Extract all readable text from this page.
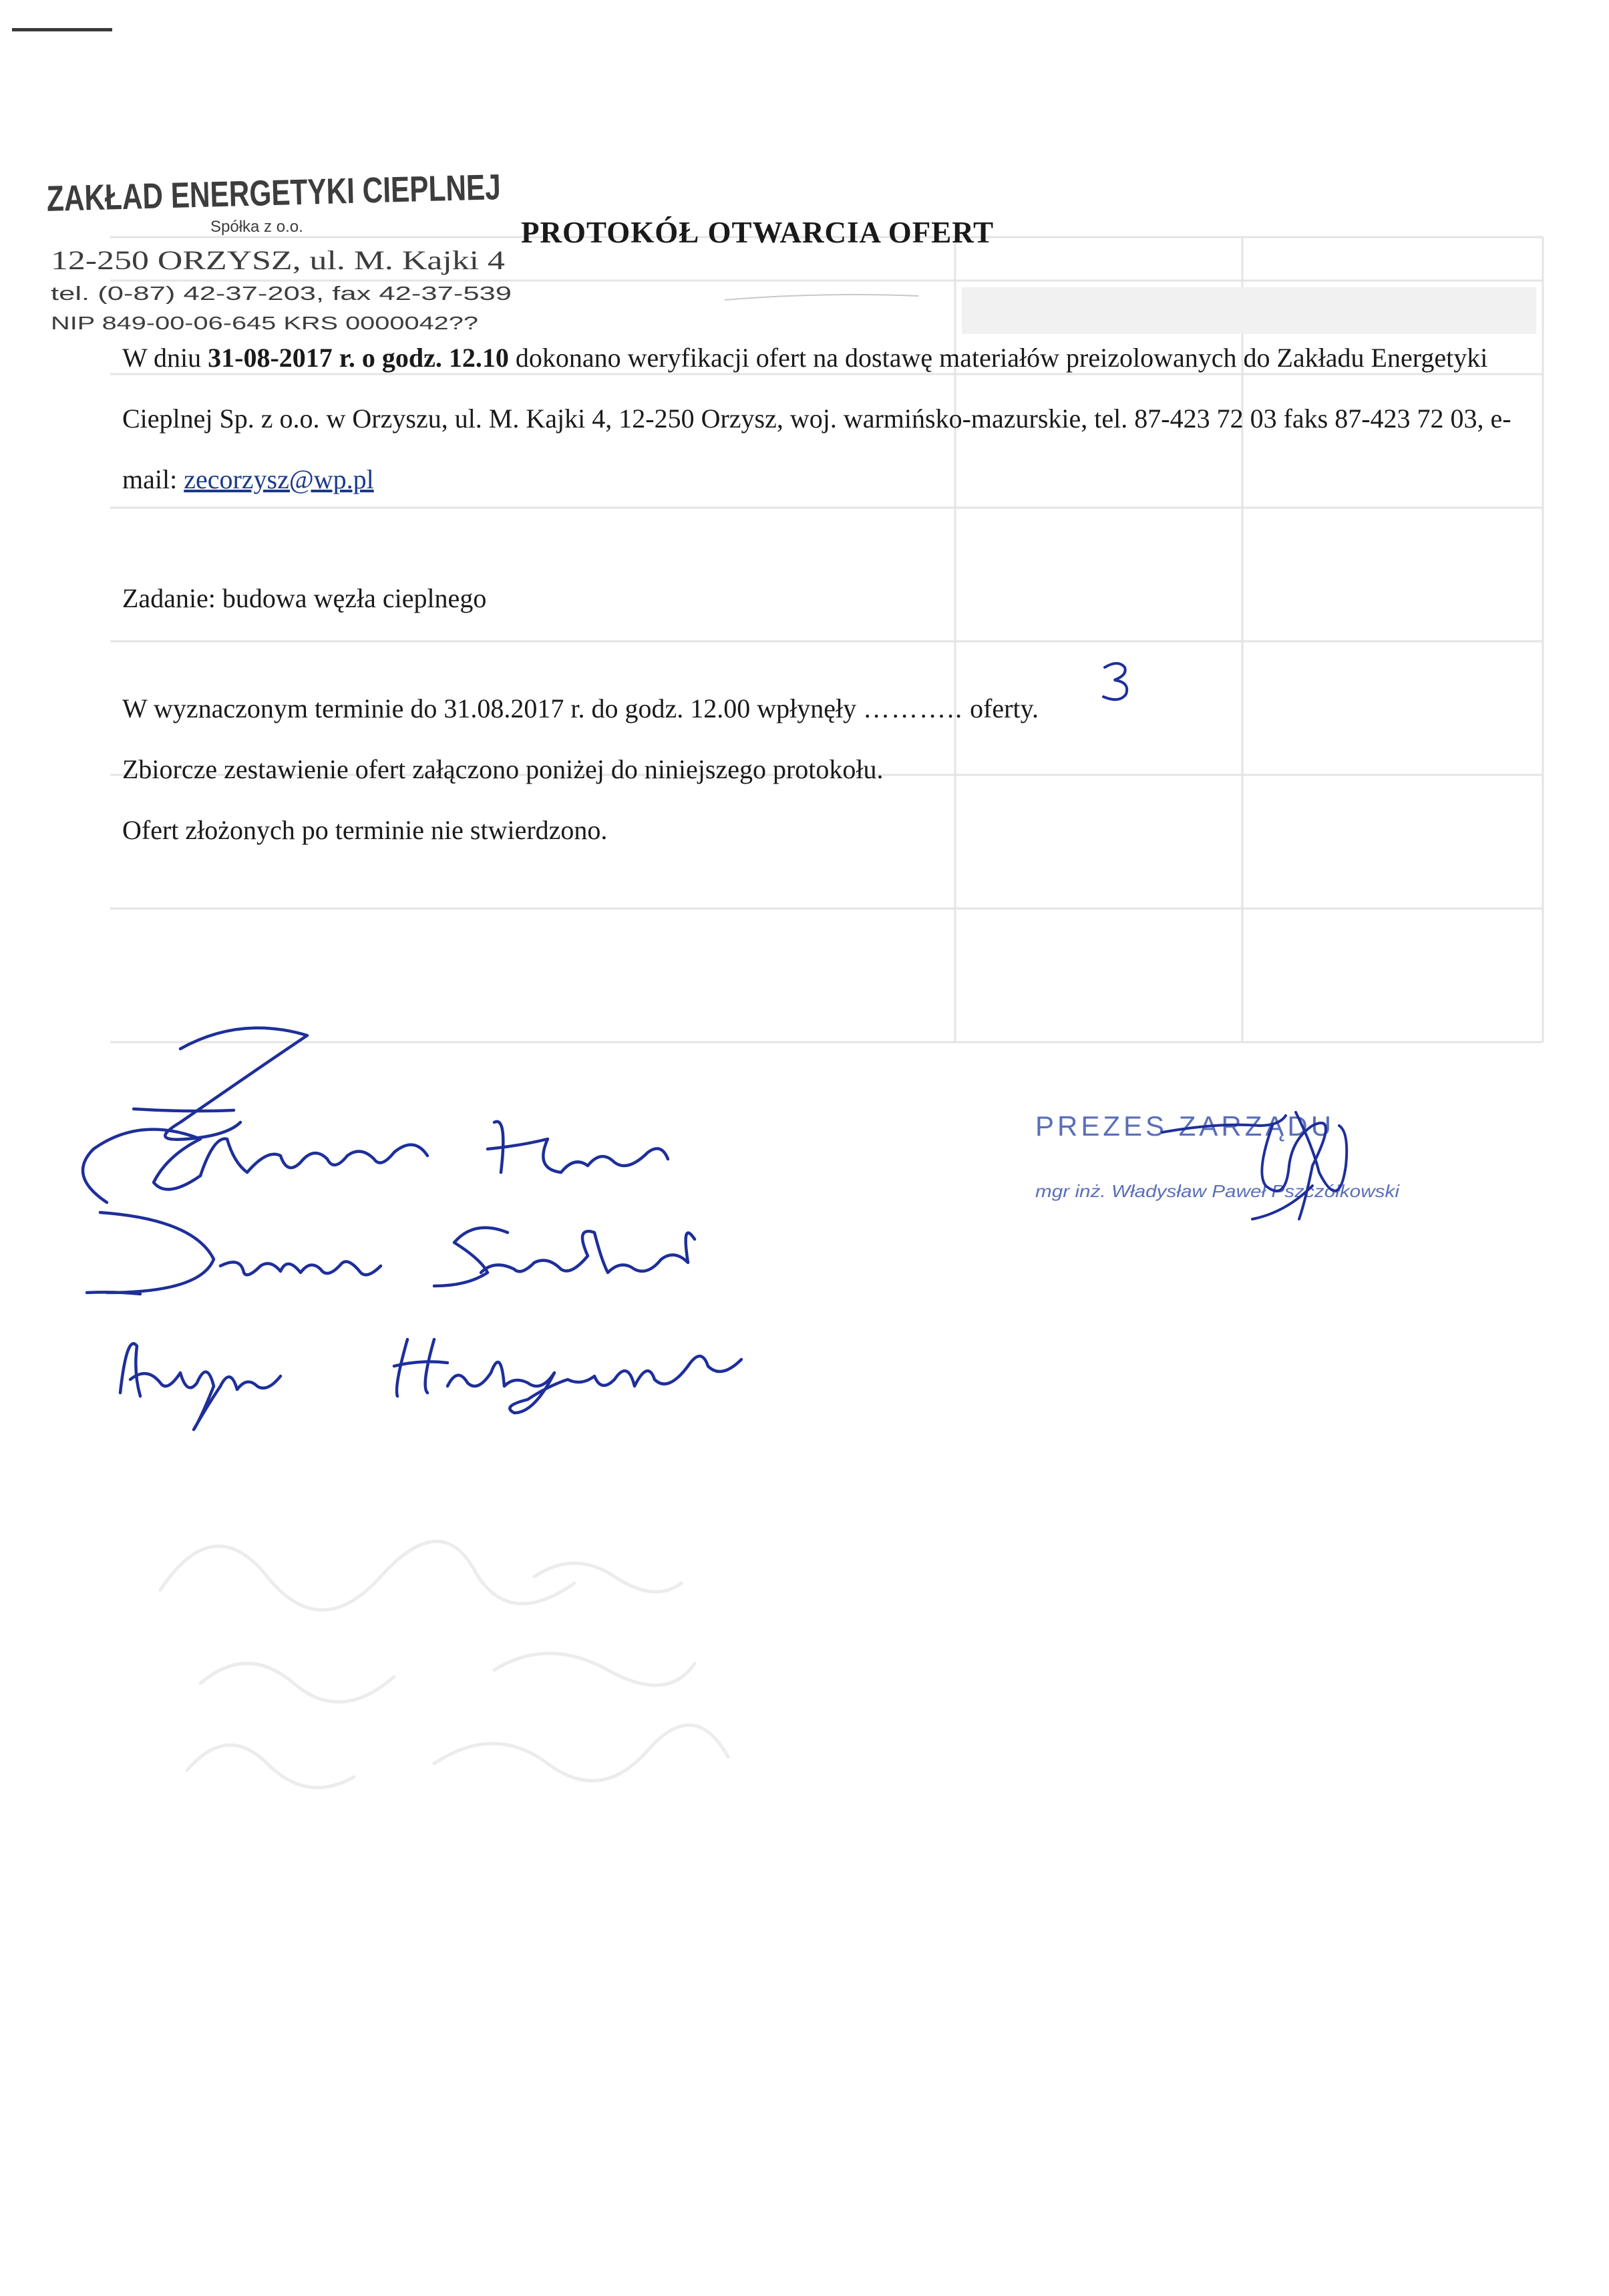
ZAKŁAD ENERGETYKI CIEPLNEJ
Spółka z o.o.
12-250 ORZYSZ, ul. M. Kajki 4
tel. (0-87) 42-37-203, fax 42-37-539
NIP 849-00-06-645 KRS 0000042??
PROTOKÓŁ OTWARCIA OFERT
W dniu 31-08-2017 r. o godz. 12.10 dokonano weryfikacji ofert na dostawę materiałów preizolowanych do Zakładu Energetyki Cieplnej Sp. z o.o. w Orzyszu, ul. M. Kajki 4, 12-250 Orzysz, woj. warmińsko-mazurskie, tel. 87-423 72 03 faks 87-423 72 03, e-mail: zecorzysz@wp.pl
Zadanie: budowa węzła cieplnego
W wyznaczonym terminie do 31.08.2017 r. do godz. 12.00 wpłynęły ……….. oferty.
Zbiorcze zestawienie ofert załączono poniżej do niniejszego protokołu.
Ofert złożonych po terminie nie stwierdzono.
PREZES ZARZĄDU
mgr inż. Władysław Paweł Pszczółkowski
